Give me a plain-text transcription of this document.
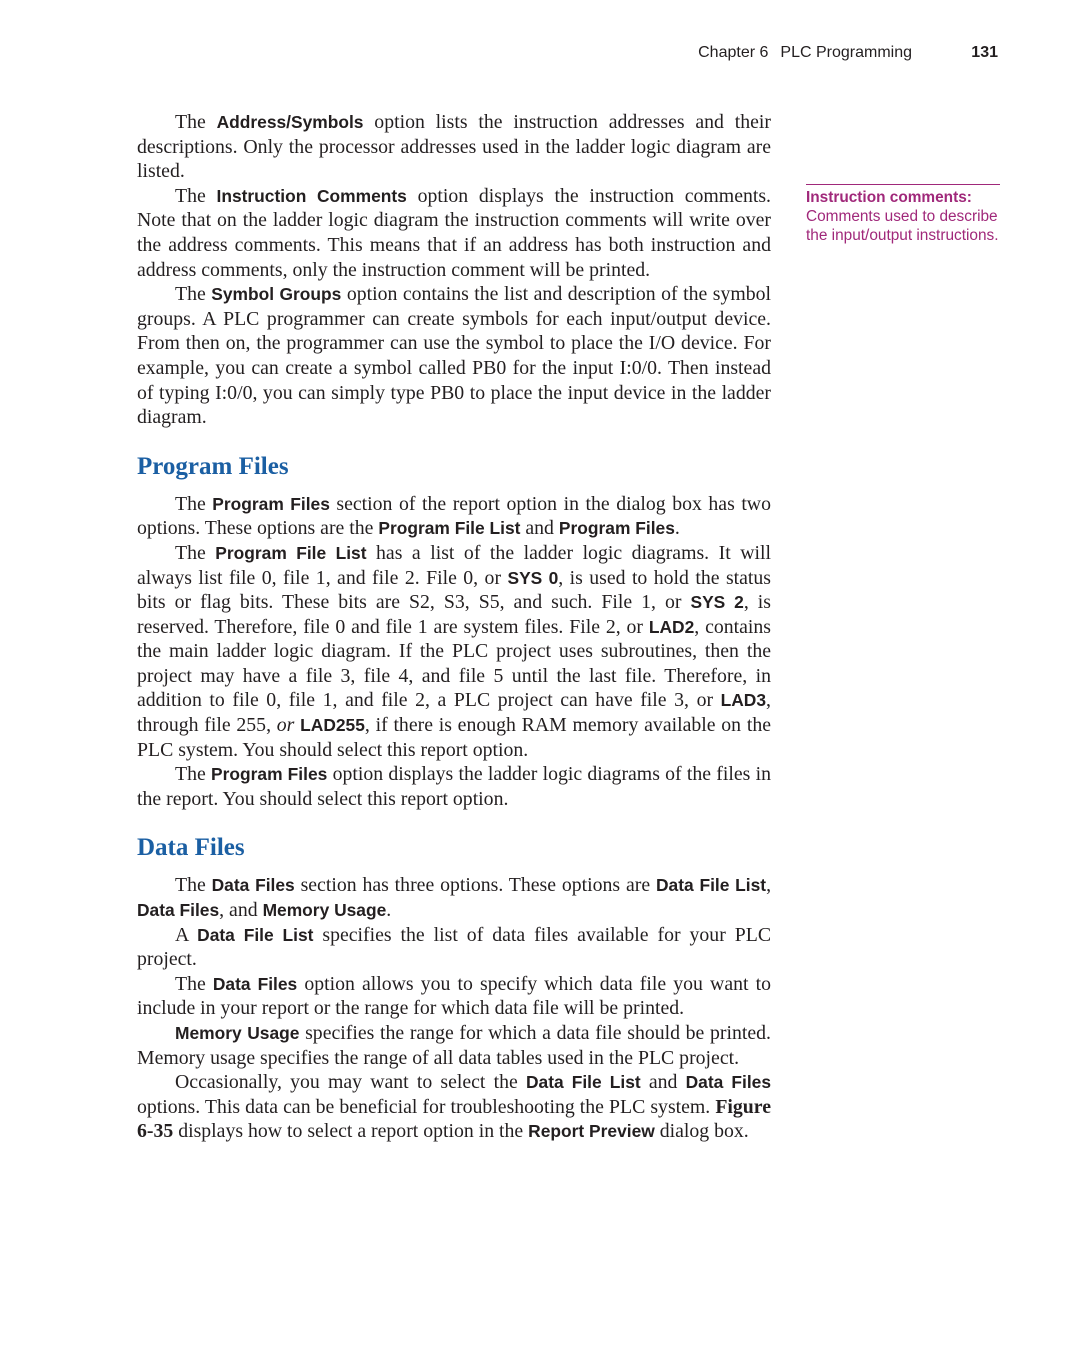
Chapter 6 PLC Programming	131
Instruction comments:
Comments used to describe the input/output instructions.

The Address/Symbols option lists the instruction addresses and their descriptions. Only the processor addresses used in the ladder logic diagram are listed.

The Instruction Comments option displays the instruction comments. Note that on the ladder logic diagram the instruction comments will write over the address comments. This means that if an address has both instruction and address comments, only the instruction comment will be printed.

The Symbol Groups option contains the list and description of the symbol groups. A PLC programmer can create symbols for each input/output device. From then on, the programmer can use the symbol to place the I/O device. For example, you can create a symbol called PB0 for the input I:0/0. Then instead of typing I:0/0, you can simply type PB0 to place the input device in the ladder diagram.

Program Files

The Program Files section of the report option in the dialog box has two options. These options are the Program File List and Program Files.

The Program File List has a list of the ladder logic diagrams. It will always list file 0, file 1, and file 2. File 0, or SYS 0, is used to hold the status bits or flag bits. These bits are S2, S3, S5, and such. File 1, or SYS 2, is reserved. Therefore, file 0 and file 1 are system files. File 2, or LAD2, contains the main ladder logic diagram. If the PLC project uses subroutines, then the project may have a file 3, file 4, and file 5 until the last file. Therefore, in addition to file 0, file 1, and file 2, a PLC project can have file 3, or LAD3, through file 255, or LAD255, if there is enough RAM memory available on the PLC system. You should select this report option.

The Program Files option displays the ladder logic diagrams of the files in the report. You should select this report option.

Data Files

The Data Files section has three options. These options are Data File List, Data Files, and Memory Usage.

A Data File List specifies the list of data files available for your PLC project.

The Data Files option allows you to specify which data file you want to include in your report or the range for which data file will be printed.

Memory Usage specifies the range for which a data file should be printed. Memory usage specifies the range of all data tables used in the PLC project.

Occasionally, you may want to select the Data File List and Data Files options. This data can be beneficial for troubleshooting the PLC system. Figure 6-35 displays how to select a report option in the Report Preview dialog box.
